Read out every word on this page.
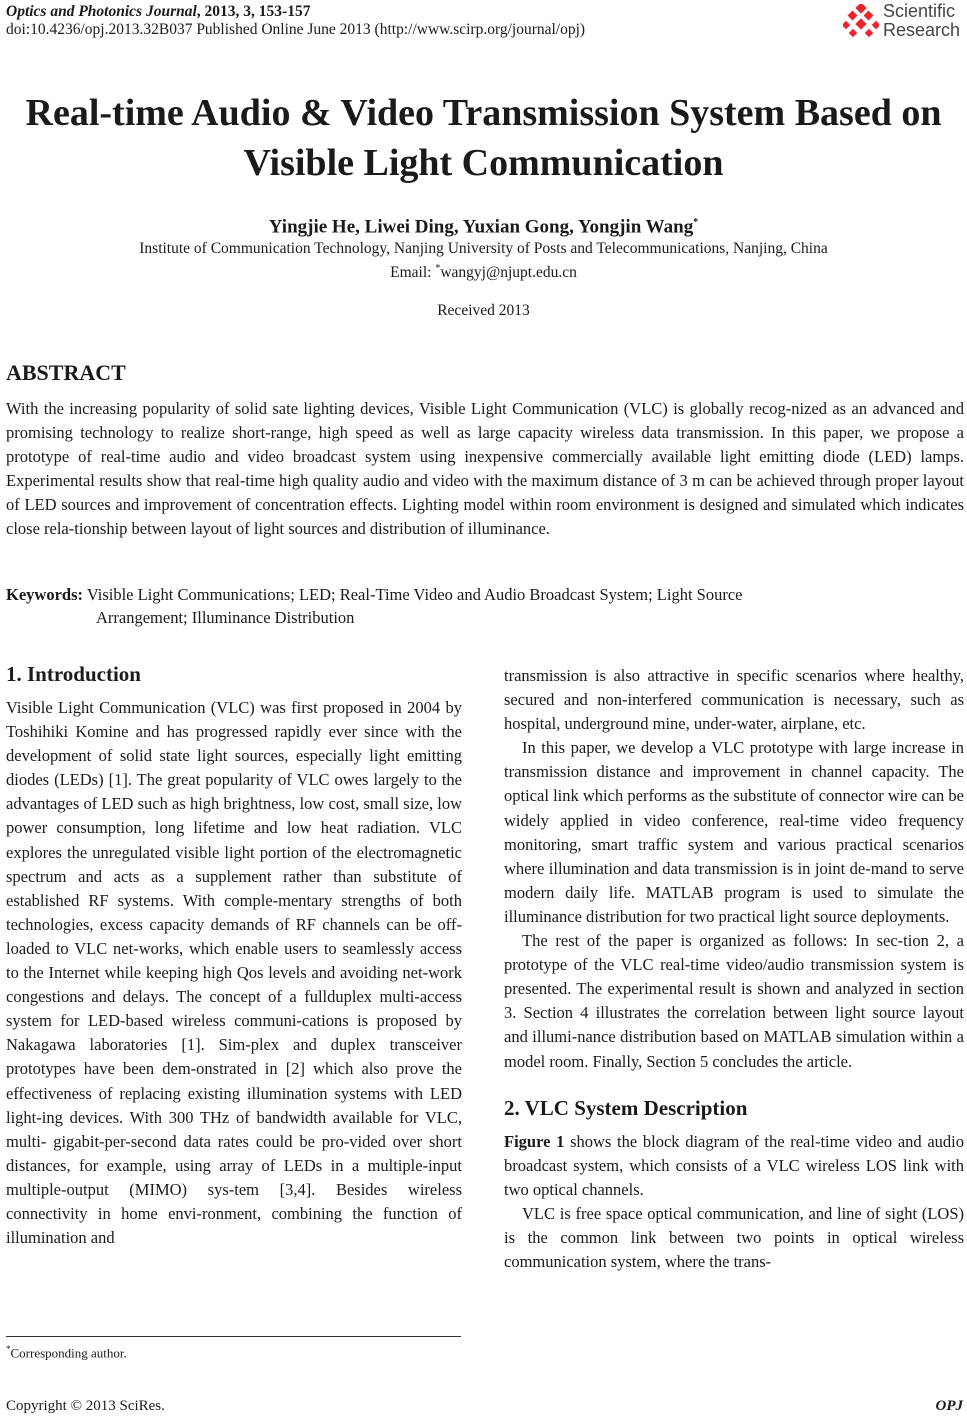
Optics and Photonics Journal, 2013, 3, 153-157
doi:10.4236/opj.2013.32B037 Published Online June 2013 (http://www.scirp.org/journal/opj)
Scientific
Research
Real-time Audio & Video Transmission System Based on
Visible Light Communication
Yingjie He, Liwei Ding, Yuxian Gong, Yongjin Wang*
Institute of Communication Technology, Nanjing University of Posts and Telecommunications, Nanjing, China
Email: *wangyj@njupt.edu.cn
Received 2013
ABSTRACT

With the increasing popularity of solid sate lighting devices, Visible Light Communication (VLC) is globally recog-nized as an advanced and promising technology to realize short-range, high speed as well as large capacity wireless data transmission. In this paper, we propose a prototype of real-time audio and video broadcast system using inexpensive commercially available light emitting diode (LED) lamps. Experimental results show that real-time high quality audio and video with the maximum distance of 3 m can be achieved through proper layout of LED sources and improvement of concentration effects. Lighting model within room environment is designed and simulated which indicates close rela-tionship between layout of light sources and distribution of illuminance.

Keywords: Visible Light Communications; LED; Real-Time Video and Audio Broadcast System; Light Source
Arrangement; Illuminance Distribution
1. Introduction

Visible Light Communication (VLC) was first proposed in 2004 by Toshihiki Komine and has progressed rapidly ever since with the development of solid state light sources, especially light emitting diodes (LEDs) [1]. The great popularity of VLC owes largely to the advantages of LED such as high brightness, low cost, small size, low power consumption, long lifetime and low heat radiation. VLC explores the unregulated visible light portion of the electromagnetic spectrum and acts as a supplement rather than substitute of established RF systems. With comple-mentary strengths of both technologies, excess capacity demands of RF channels can be off-loaded to VLC net-works, which enable users to seamlessly access to the Internet while keeping high Qos levels and avoiding net-work congestions and delays. The concept of a fullduplex multi-access system for LED-based wireless communi-cations is proposed by Nakagawa laboratories [1]. Sim-plex and duplex transceiver prototypes have been dem-onstrated in [2] which also prove the effectiveness of replacing existing illumination systems with LED light-ing devices. With 300 THz of bandwidth available for VLC, multi- gigabit-per-second data rates could be pro-vided over short distances, for example, using array of LEDs in a multiple-input multiple-output (MIMO) sys-tem [3,4]. Besides wireless connectivity in home envi-ronment, combining the function of illumination and

transmission is also attractive in specific scenarios where healthy, secured and non-interfered communication is necessary, such as hospital, underground mine, under-water, airplane, etc.

In this paper, we develop a VLC prototype with large increase in transmission distance and improvement in channel capacity. The optical link which performs as the substitute of connector wire can be widely applied in video conference, real-time video frequency monitoring, smart traffic system and various practical scenarios where illumination and data transmission is in joint de-mand to serve modern daily life. MATLAB program is used to simulate the illuminance distribution for two practical light source deployments.

The rest of the paper is organized as follows: In sec-tion 2, a prototype of the VLC real-time video/audio transmission system is presented. The experimental result is shown and analyzed in section 3. Section 4 illustrates the correlation between light source layout and illumi-nance distribution based on MATLAB simulation within a model room. Finally, Section 5 concludes the article.

2. VLC System Description

Figure 1 shows the block diagram of the real-time video and audio broadcast system, which consists of a VLC wireless LOS link with two optical channels.

VLC is free space optical communication, and line of sight (LOS) is the common link between two points in optical wireless communication system, where the trans-

*Corresponding author.
Copyright © 2013 SciRes.	OPJ
